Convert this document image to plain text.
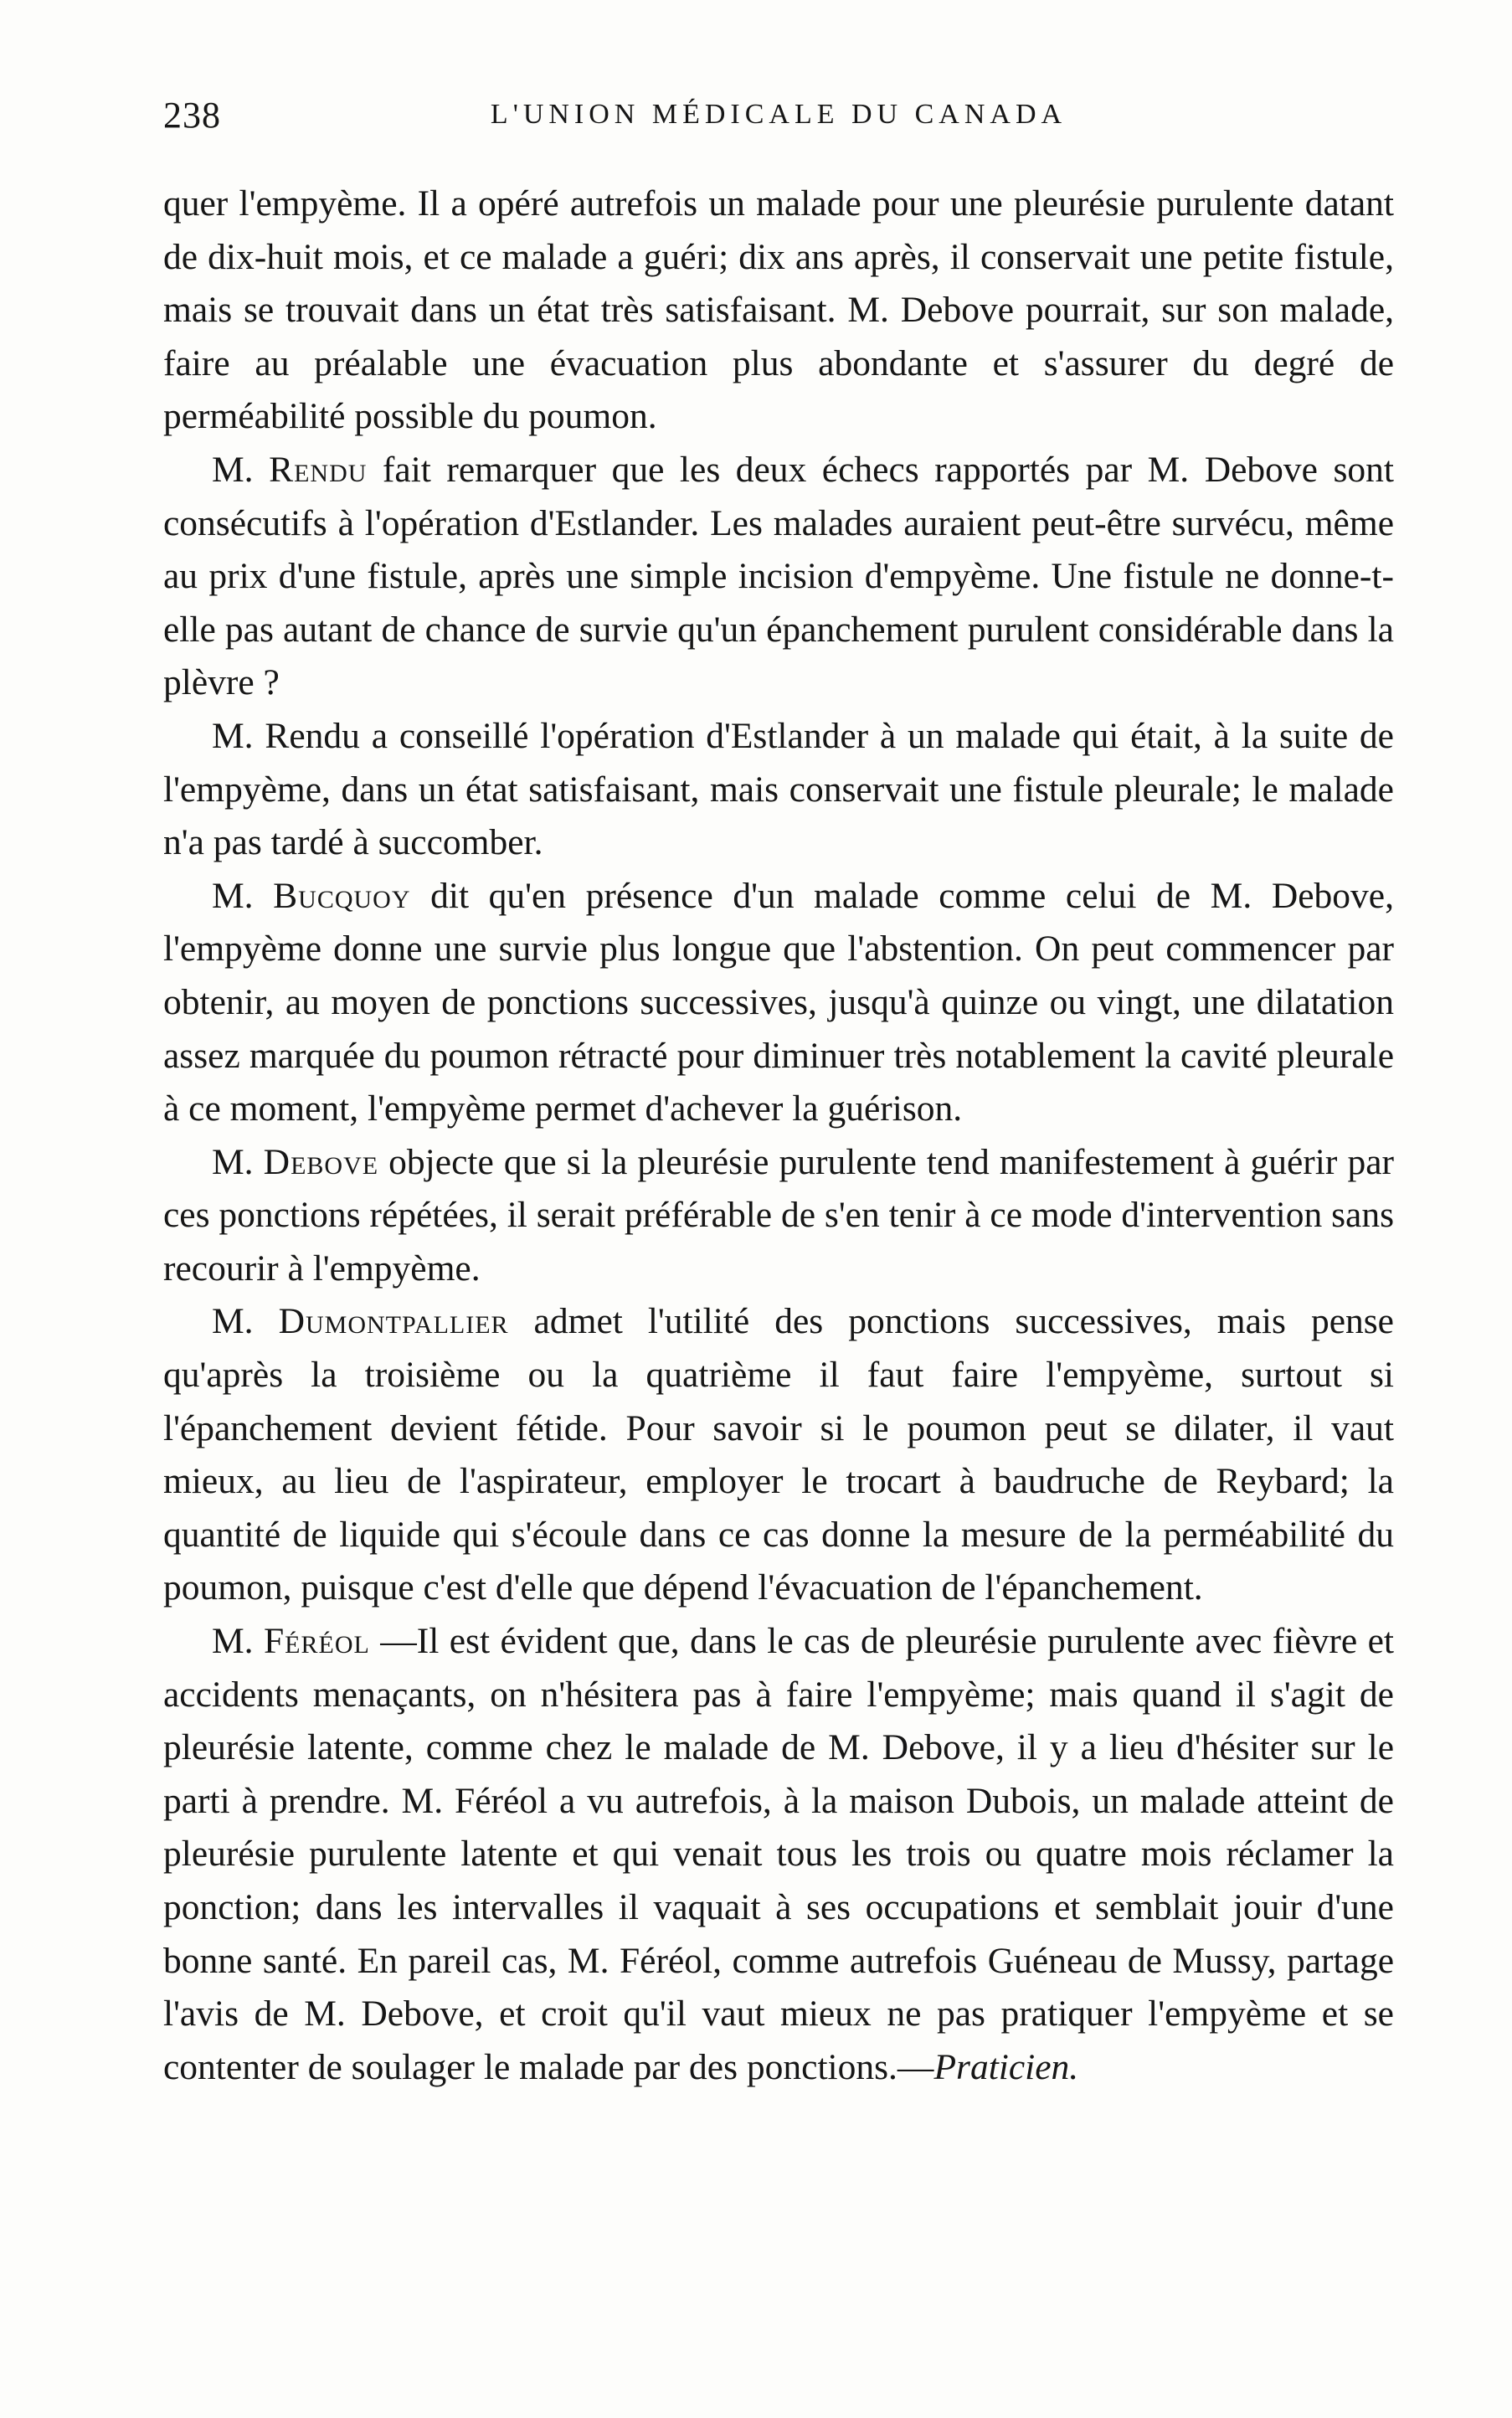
238	L'UNION MÉDICALE DU CANADA

quer l'empyème. Il a opéré autrefois un malade pour une pleurésie purulente datant de dix-huit mois, et ce malade a guéri; dix ans après, il conservait une petite fistule, mais se trouvait dans un état très satisfaisant. M. Debove pourrait, sur son malade, faire au préalable une évacuation plus abondante et s'assurer du degré de perméabilité possible du poumon.

M. Rendu fait remarquer que les deux échecs rapportés par M. Debove sont consécutifs à l'opération d'Estlander. Les malades auraient peut-être survécu, même au prix d'une fistule, après une simple incision d'empyème. Une fistule ne donne-t-elle pas autant de chance de survie qu'un épanchement purulent considérable dans la plèvre ?

M. Rendu a conseillé l'opération d'Estlander à un malade qui était, à la suite de l'empyème, dans un état satisfaisant, mais conservait une fistule pleurale; le malade n'a pas tardé à succomber.

M. Bucquoy dit qu'en présence d'un malade comme celui de M. Debove, l'empyème donne une survie plus longue que l'abstention. On peut commencer par obtenir, au moyen de ponctions successives, jusqu'à quinze ou vingt, une dilatation assez marquée du poumon rétracté pour diminuer très notablement la cavité pleurale à ce moment, l'empyème permet d'achever la guérison.

M. Debove objecte que si la pleurésie purulente tend manifestement à guérir par ces ponctions répétées, il serait préférable de s'en tenir à ce mode d'intervention sans recourir à l'empyème.

M. Dumontpallier admet l'utilité des ponctions successives, mais pense qu'après la troisième ou la quatrième il faut faire l'empyème, surtout si l'épanchement devient fétide. Pour savoir si le poumon peut se dilater, il vaut mieux, au lieu de l'aspirateur, employer le trocart à baudruche de Reybard; la quantité de liquide qui s'écoule dans ce cas donne la mesure de la perméabilité du poumon, puisque c'est d'elle que dépend l'évacuation de l'épanchement.

M. Féréol —Il est évident que, dans le cas de pleurésie purulente avec fièvre et accidents menaçants, on n'hésitera pas à faire l'empyème; mais quand il s'agit de pleurésie latente, comme chez le malade de M. Debove, il y a lieu d'hésiter sur le parti à prendre. M. Féréol a vu autrefois, à la maison Dubois, un malade atteint de pleurésie purulente latente et qui venait tous les trois ou quatre mois réclamer la ponction; dans les intervalles il vaquait à ses occupations et semblait jouir d'une bonne santé. En pareil cas, M. Féréol, comme autrefois Guéneau de Mussy, partage l'avis de M. Debove, et croit qu'il vaut mieux ne pas pratiquer l'empyème et se contenter de soulager le malade par des ponctions.—Praticien.
